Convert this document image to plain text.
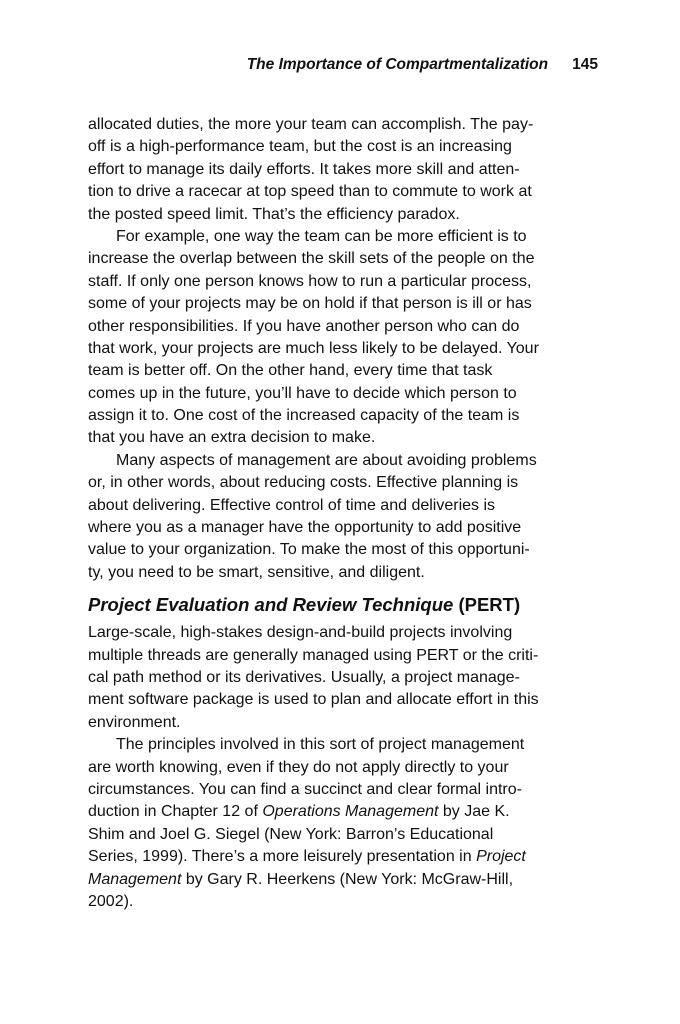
The Importance of Compartmentalization 145
allocated duties, the more your team can accomplish. The pay-
off is a high-performance team, but the cost is an increasing
effort to manage its daily efforts. It takes more skill and atten-
tion to drive a racecar at top speed than to commute to work at
the posted speed limit. That’s the efficiency paradox.
For example, one way the team can be more efficient is to
increase the overlap between the skill sets of the people on the
staff. If only one person knows how to run a particular process,
some of your projects may be on hold if that person is ill or has
other responsibilities. If you have another person who can do
that work, your projects are much less likely to be delayed. Your
team is better off. On the other hand, every time that task
comes up in the future, you’ll have to decide which person to
assign it to. One cost of the increased capacity of the team is
that you have an extra decision to make.
Many aspects of management are about avoiding problems
or, in other words, about reducing costs. Effective planning is
about delivering. Effective control of time and deliveries is
where you as a manager have the opportunity to add positive
value to your organization. To make the most of this opportuni-
ty, you need to be smart, sensitive, and diligent.
Project Evaluation and Review Technique (PERT)
Large-scale, high-stakes design-and-build projects involving
multiple threads are generally managed using PERT or the criti-
cal path method or its derivatives. Usually, a project manage-
ment software package is used to plan and allocate effort in this
environment.
The principles involved in this sort of project management
are worth knowing, even if they do not apply directly to your
circumstances. You can find a succinct and clear formal intro-
duction in Chapter 12 of Operations Management by Jae K.
Shim and Joel G. Siegel (New York: Barron’s Educational
Series, 1999). There’s a more leisurely presentation in Project
Management by Gary R. Heerkens (New York: McGraw-Hill,
2002).
